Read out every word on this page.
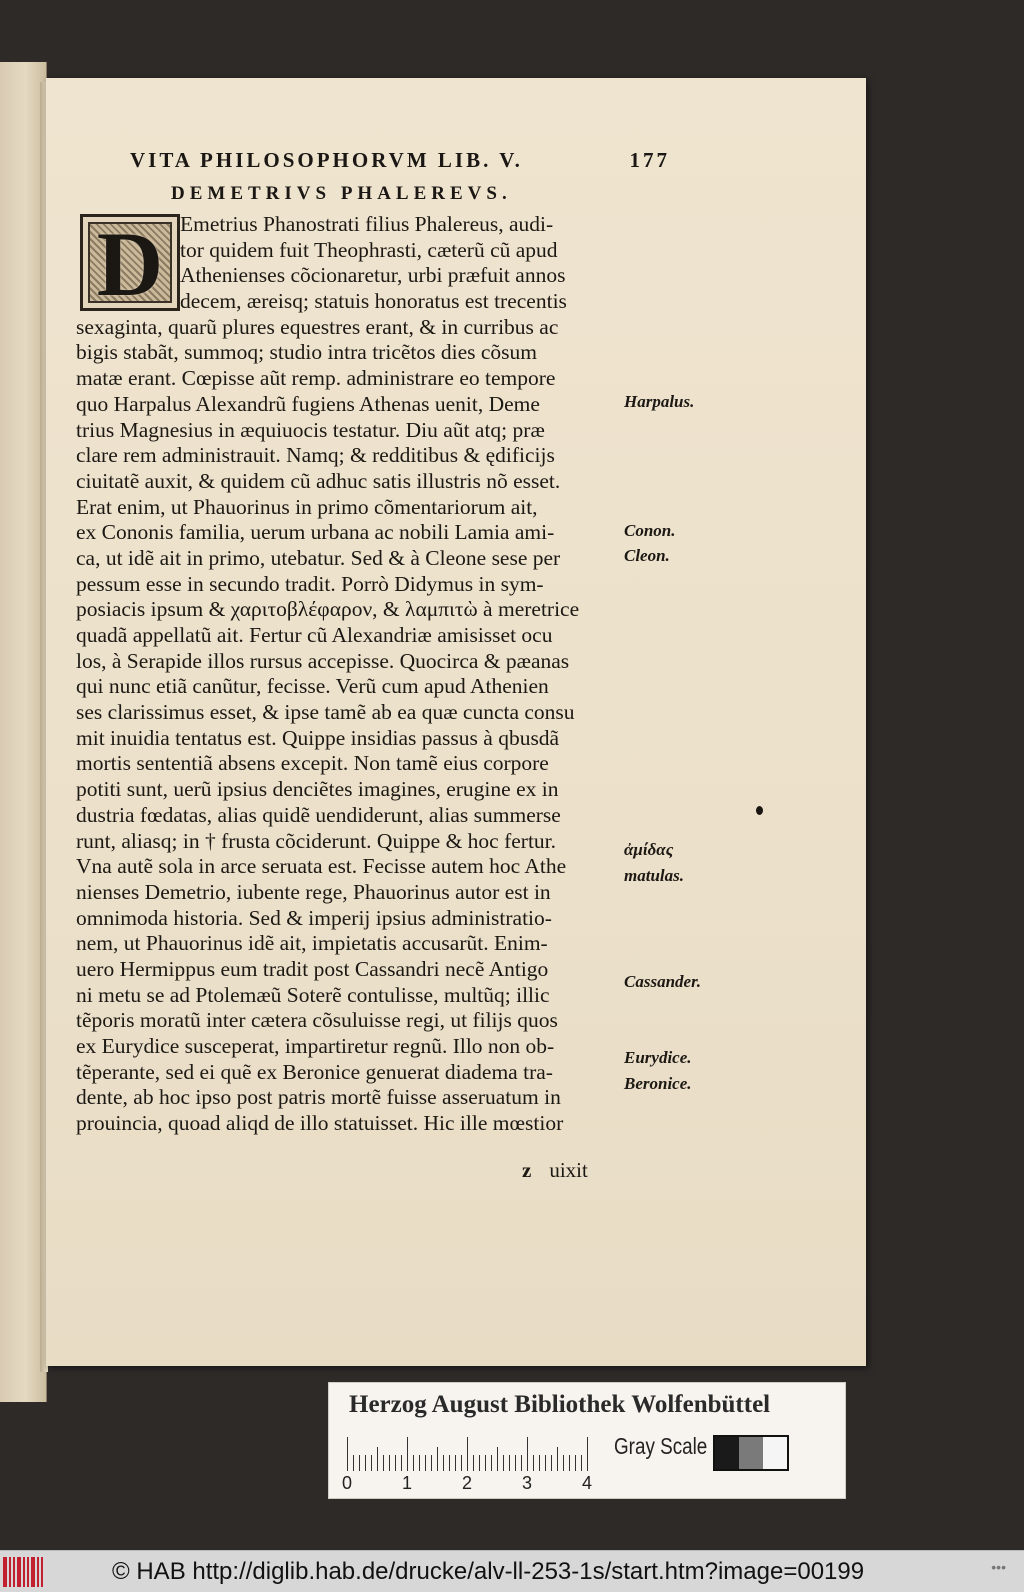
VITA PHILOSOPHORVM LIB. V.	177
DEMETRIVS PHALEREVS.
D Emetrius Phanostrati filius Phalereus, audi-
tor quidem fuit Theophrasti, cæterũ cũ apud
Athenienses cõcionaretur, urbi præfuit annos
decem, æreisq; statuis honoratus est trecentis
sexaginta, quarũ plures equestres erant, & in curribus ac
bigis stabãt, summoq; studio intra tricẽtos dies cõsum
matæ erant. Cœpisse aũt remp. administrare eo tempore
quo Harpalus Alexandrũ fugiens Athenas uenit, Deme
trius Magnesius in æquiuocis testatur. Diu aũt atq; præ
clare rem administrauit. Namq; & redditibus & ędificijs
ciuitatẽ auxit, & quidem cũ adhuc satis illustris nõ esset.
Erat enim, ut Phauorinus in primo cõmentariorum ait,
ex Cononis familia, uerum urbana ac nobili Lamia ami-
ca, ut idẽ ait in primo, utebatur. Sed & à Cleone sese per
pessum esse in secundo tradit. Porrò Didymus in sym-
posiacis ipsum & χαριτοβλέφαρον, & λαμπιτὼ à meretrice
quadã appellatũ ait. Fertur cũ Alexandriæ amisisset ocu
los, à Serapide illos rursus accepisse. Quocirca & pæanas
qui nunc etiã canũtur, fecisse. Verũ cum apud Athenien
ses clarissimus esset, & ipse tamẽ ab ea quæ cuncta consu
mit inuidia tentatus est. Quippe insidias passus à qbusdã
mortis sententiã absens excepit. Non tamẽ eius corpore
potiti sunt, uerũ ipsius denciẽtes imagines, erugine ex in
dustria fœdatas, alias quidẽ uendiderunt, alias summerse
runt, aliasq; in † frusta cõciderunt. Quippe & hoc fertur.
Vna autẽ sola in arce seruata est. Fecisse autem hoc Athe
nienses Demetrio, iubente rege, Phauorinus autor est in
omnimoda historia. Sed & imperij ipsius administratio-
nem, ut Phauorinus idẽ ait, impietatis accusarũt. Enim-
uero Hermippus eum tradit post Cassandri necẽ Antigo
ni metu se ad Ptolemæũ Soterẽ contulisse, multũq; illic
tẽporis moratũ inter cætera cõsuluisse regi, ut filijs quos
ex Eurydice susceperat, impartiretur regnũ. Illo non ob-
tẽperante, sed ei quẽ ex Beronice genuerat diadema tra-
dente, ab hoc ipso post patris mortẽ fuisse asseruatum in
prouincia, quoad aliqd de illo statuisset. Hic ille mœstior
z uixit
Harpalus.
Conon.
Cleon.
ἀμίδας
matulas.
Cassander.
Eurydice.
Beronice.
Herzog August Bibliothek Wolfenbüttel
0	1	2	3	4
Gray Scale
© HAB http://diglib.hab.de/drucke/alv-ll-253-1s/start.htm?image=00199	•••
